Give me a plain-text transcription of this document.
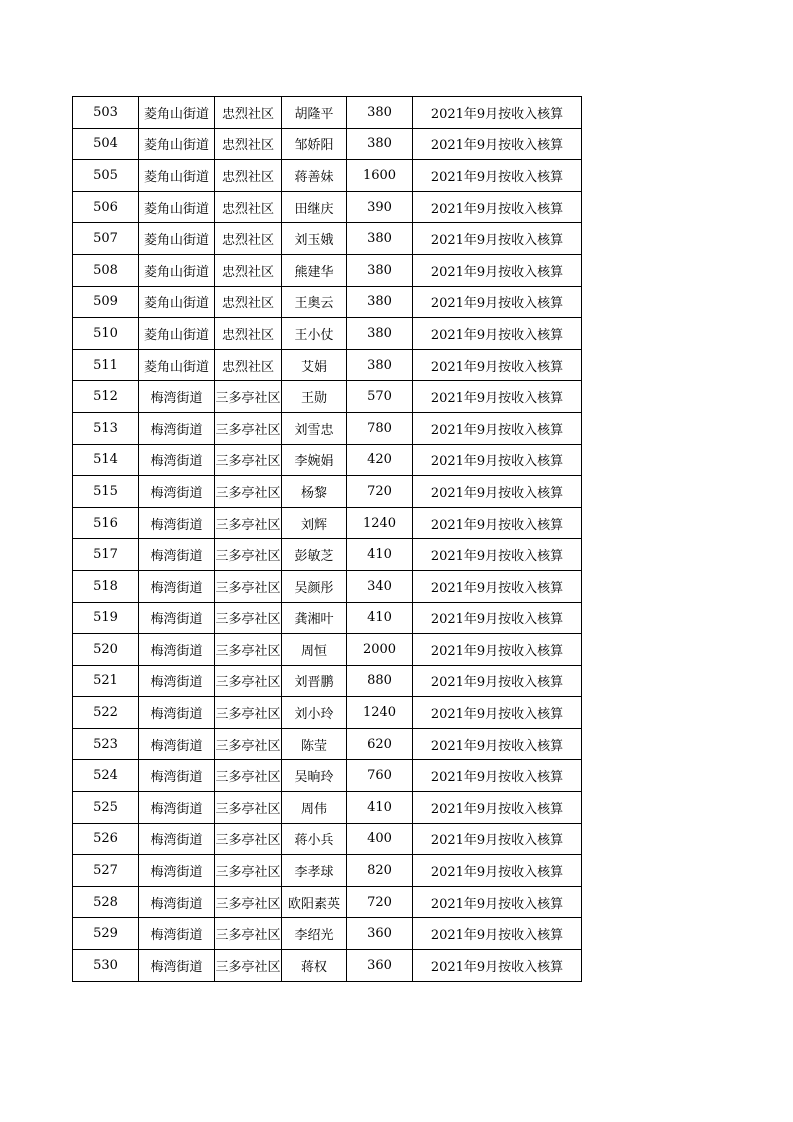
503	菱角山街道	忠烈社区	胡隆平	380	2021年9月按收入核算
504	菱角山街道	忠烈社区	邹娇阳	380	2021年9月按收入核算
505	菱角山街道	忠烈社区	蒋善妹	1600	2021年9月按收入核算
506	菱角山街道	忠烈社区	田继庆	390	2021年9月按收入核算
507	菱角山街道	忠烈社区	刘玉娥	380	2021年9月按收入核算
508	菱角山街道	忠烈社区	熊建华	380	2021年9月按收入核算
509	菱角山街道	忠烈社区	王奥云	380	2021年9月按收入核算
510	菱角山街道	忠烈社区	王小仗	380	2021年9月按收入核算
511	菱角山街道	忠烈社区	艾娟	380	2021年9月按收入核算
512	梅湾街道	三多亭社区	王勋	570	2021年9月按收入核算
513	梅湾街道	三多亭社区	刘雪忠	780	2021年9月按收入核算
514	梅湾街道	三多亭社区	李婉娟	420	2021年9月按收入核算
515	梅湾街道	三多亭社区	杨黎	720	2021年9月按收入核算
516	梅湾街道	三多亭社区	刘辉	1240	2021年9月按收入核算
517	梅湾街道	三多亭社区	彭敏芝	410	2021年9月按收入核算
518	梅湾街道	三多亭社区	吴颜彤	340	2021年9月按收入核算
519	梅湾街道	三多亭社区	龚湘叶	410	2021年9月按收入核算
520	梅湾街道	三多亭社区	周恒	2000	2021年9月按收入核算
521	梅湾街道	三多亭社区	刘晋鹏	880	2021年9月按收入核算
522	梅湾街道	三多亭社区	刘小玲	1240	2021年9月按收入核算
523	梅湾街道	三多亭社区	陈莹	620	2021年9月按收入核算
524	梅湾街道	三多亭社区	吴晌玲	760	2021年9月按收入核算
525	梅湾街道	三多亭社区	周伟	410	2021年9月按收入核算
526	梅湾街道	三多亭社区	蒋小兵	400	2021年9月按收入核算
527	梅湾街道	三多亭社区	李孝球	820	2021年9月按收入核算
528	梅湾街道	三多亭社区	欧阳素英	720	2021年9月按收入核算
529	梅湾街道	三多亭社区	李绍光	360	2021年9月按收入核算
530	梅湾街道	三多亭社区	蒋权	360	2021年9月按收入核算
